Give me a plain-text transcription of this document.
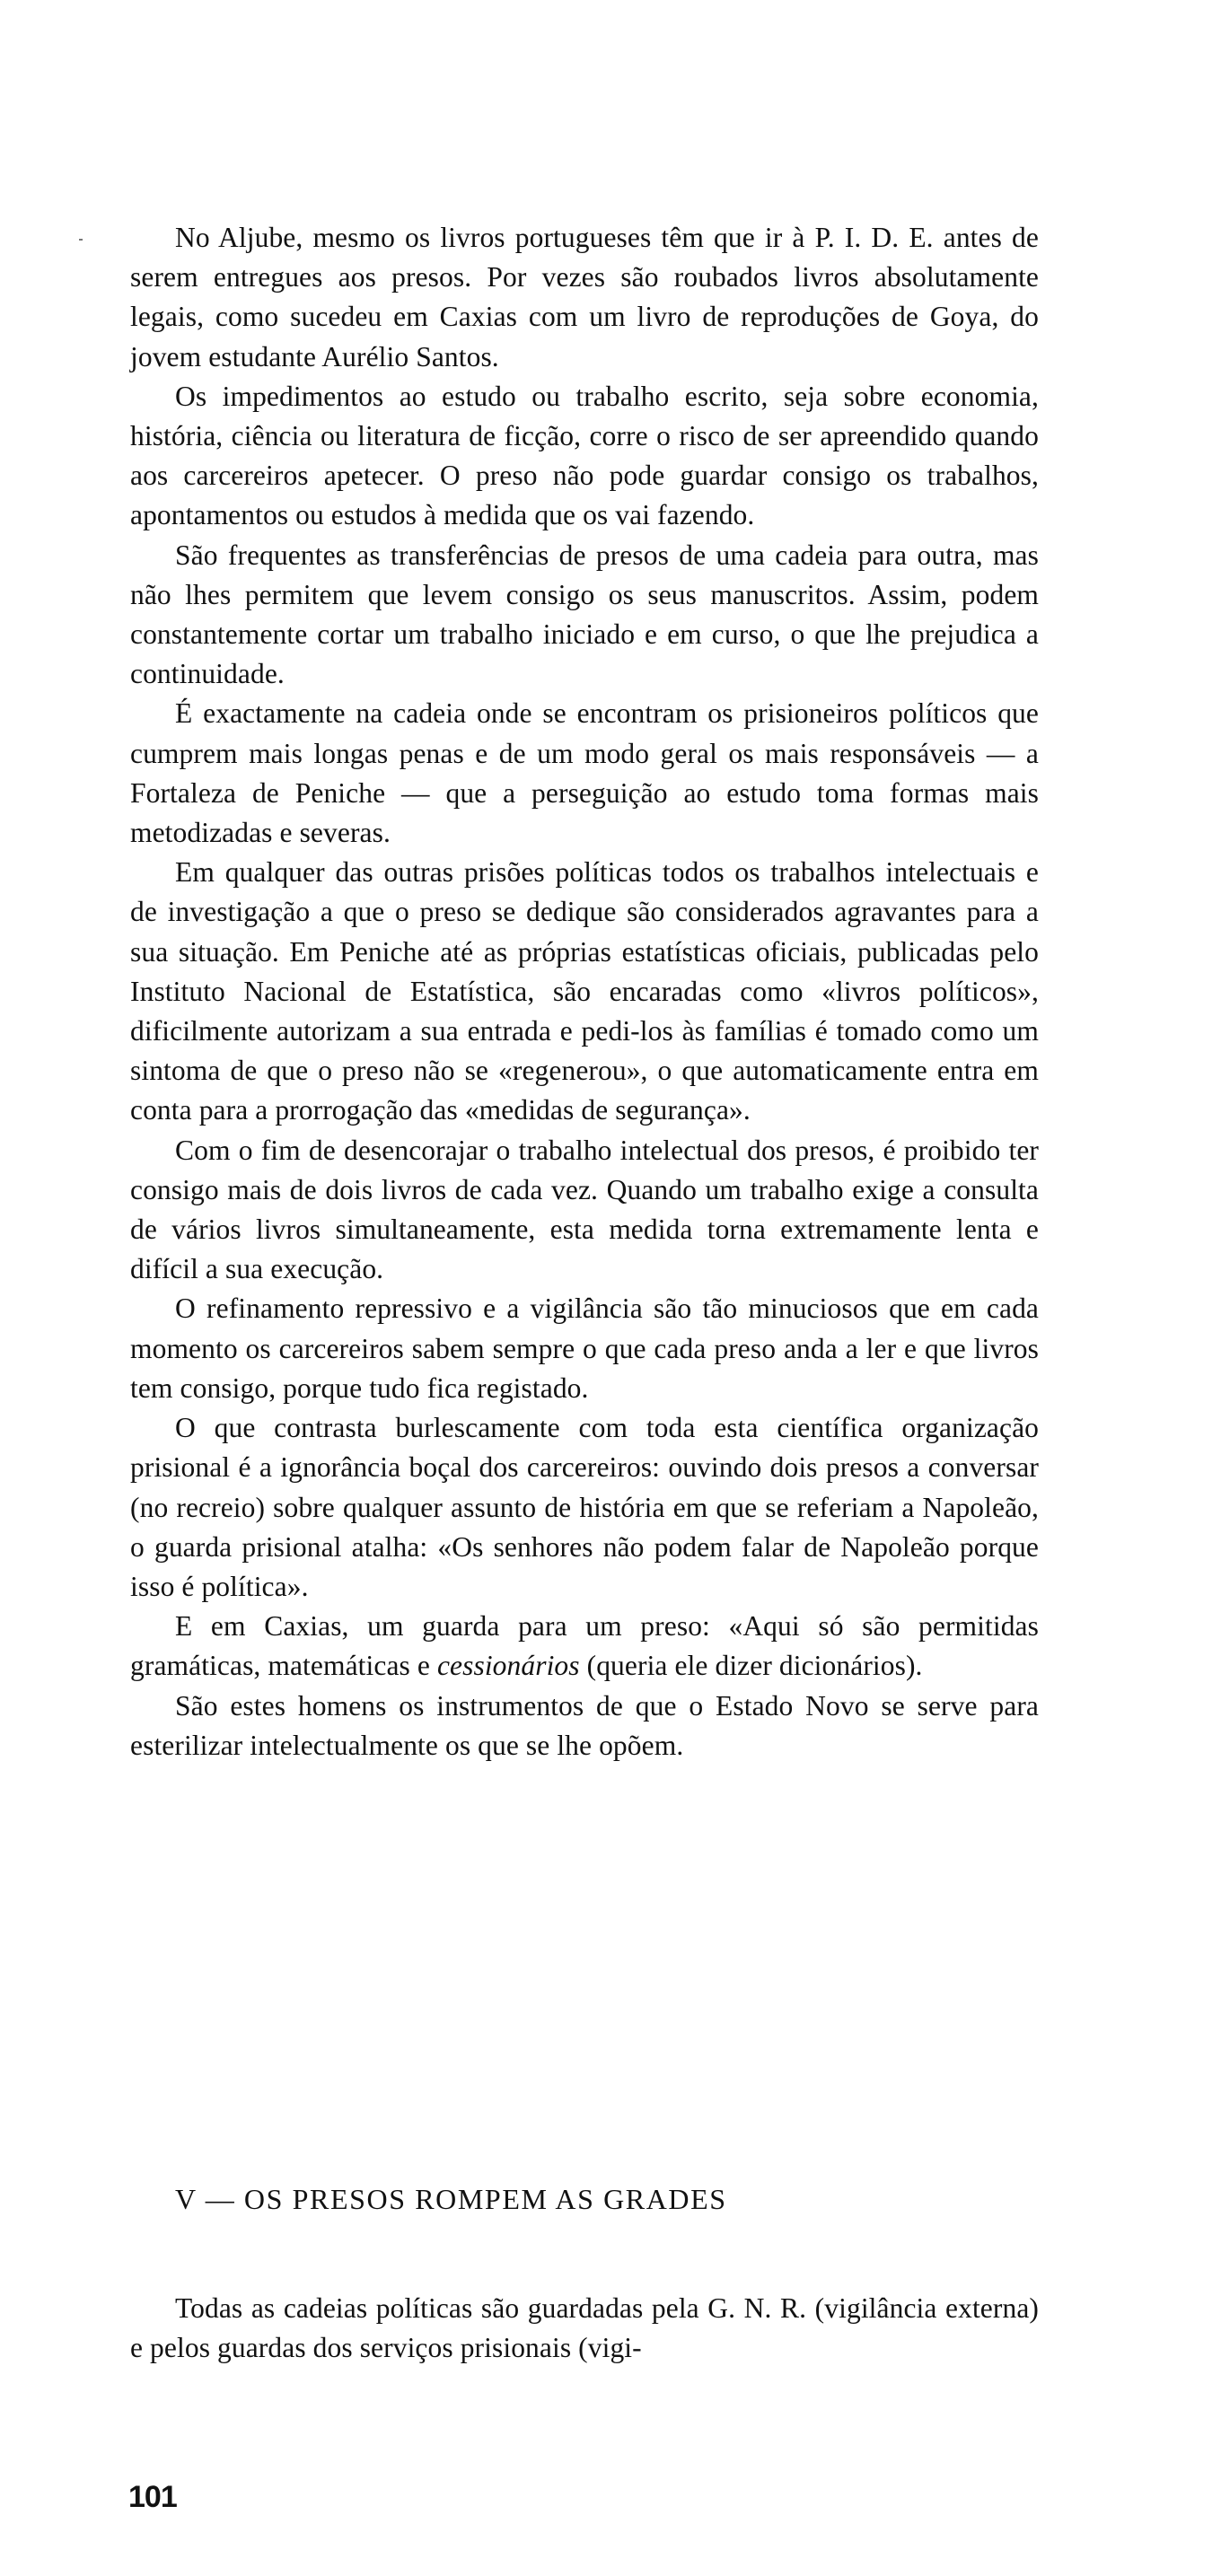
No Aljube, mesmo os livros portugueses têm que ir à P. I. D. E. antes de serem entregues aos presos. Por vezes são roubados livros absolutamente legais, como sucedeu em Caxias com um livro de reproduções de Goya, do jovem estudante Aurélio Santos.

Os impedimentos ao estudo ou trabalho escrito, seja sobre economia, história, ciência ou literatura de ficção, corre o risco de ser apreendido quando aos carcereiros apetecer. O preso não pode guardar consigo os trabalhos, apontamentos ou estudos à medida que os vai fazendo.

São frequentes as transferências de presos de uma cadeia para outra, mas não lhes permitem que levem consigo os seus manuscritos. Assim, podem constantemente cortar um trabalho iniciado e em curso, o que lhe prejudica a continuidade.

É exactamente na cadeia onde se encontram os prisioneiros políticos que cumprem mais longas penas e de um modo geral os mais responsáveis — a Fortaleza de Peniche — que a perseguição ao estudo toma formas mais metodizadas e severas.

Em qualquer das outras prisões políticas todos os trabalhos intelectuais e de investigação a que o preso se dedique são considerados agravantes para a sua situação. Em Peniche até as próprias estatísticas oficiais, publicadas pelo Instituto Nacional de Estatística, são encaradas como «livros políticos», dificilmente autorizam a sua entrada e pedi-los às famílias é tomado como um sintoma de que o preso não se «regenerou», o que automaticamente entra em conta para a prorrogação das «medidas de segurança».

Com o fim de desencorajar o trabalho intelectual dos presos, é proibido ter consigo mais de dois livros de cada vez. Quando um trabalho exige a consulta de vários livros simultaneamente, esta medida torna extremamente lenta e difícil a sua execução.

O refinamento repressivo e a vigilância são tão minuciosos que em cada momento os carcereiros sabem sempre o que cada preso anda a ler e que livros tem consigo, porque tudo fica registado.

O que contrasta burlescamente com toda esta científica organização prisional é a ignorância boçal dos carcereiros: ouvindo dois presos a conversar (no recreio) sobre qualquer assunto de história em que se referiam a Napoleão, o guarda prisional atalha: «Os senhores não podem falar de Napoleão porque isso é política».

E em Caxias, um guarda para um preso: «Aqui só são permitidas gramáticas, matemáticas e cessionários (queria ele dizer dicionários).

São estes homens os instrumentos de que o Estado Novo se serve para esterilizar intelectualmente os que se lhe opõem.

V — OS PRESOS ROMPEM AS GRADES

Todas as cadeias políticas são guardadas pela G. N. R. (vigilância externa) e pelos guardas dos serviços prisionais (vigi-

101
